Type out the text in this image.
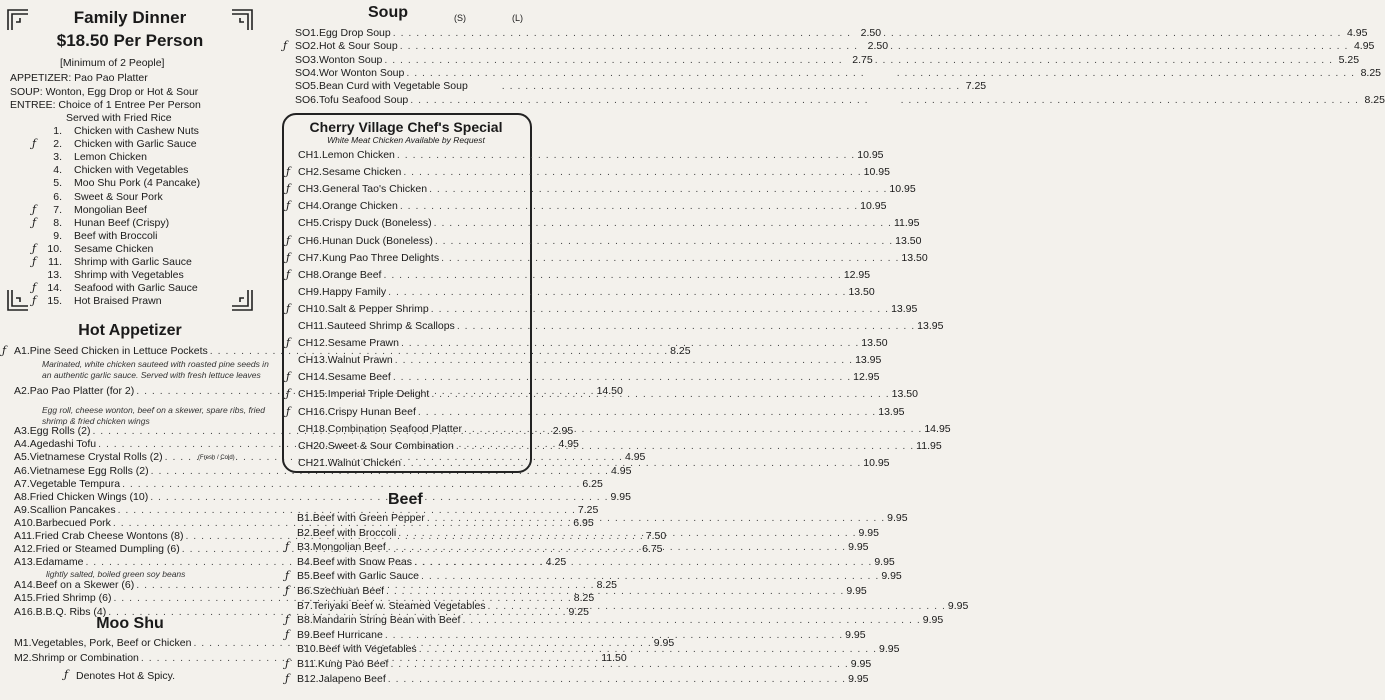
Family Dinner
$18.50 Per Person
[Minimum of 2 People]
APPETIZER: Pao Pao Platter
SOUP: Wonton, Egg Drop or Hot & Sour
ENTREE: Choice of 1 Entree Per Person
Served with Fried Rice
1. Chicken with Cashew Nuts
ƒ	2. Chicken with Garlic Sauce
3. Lemon Chicken
4. Chicken with Vegetables
5. Moo Shu Pork (4 Pancake)
6. Sweet & Sour Pork
ƒ	7. Mongolian Beef
ƒ	8. Hunan Beef (Crispy)
9. Beef with Broccoli
ƒ 10. Sesame Chicken
ƒ 11. Shrimp with Garlic Sauce
13. Shrimp with Vegetables
ƒ 14. Seafood with Garlic Sauce
ƒ 15. Hot Braised Prawn
Hot Appetizer
ƒ A1. Pine Seed Chicken in Lettuce Pockets . . .	8.25
A2. Pao Pao Platter (for 2) . . .	14.50
A3. Egg Rolls (2) . . .	2.95
A4. Agedashi Tofu . . .	4.95
A5. Vietnamese Crystal Rolls (2) . . .	4.95
A6. Vietnamese Egg Rolls (2) . . .	4.95
A7. Vegetable Tempura . . .	6.25
A8. Fried Chicken Wings (10) . . .	9.95
A9. Scallion Pancakes . . .	7.25
A10. Barbecued Pork . . .	6.95
A11. Fried Crab Cheese Wontons (8) . . .	7.50
A12. Fried or Steamed Dumpling (6) . . .	6.75
A13. Edamame . . .	4.25
A14. Beef on a Skewer (6) . . .	8.25
A15. Fried Shrimp (6) . . .	8.25
A16. B.B.Q. Ribs (4) . . .	9.25
Marinated, white chicken sauteed with roasted pine seeds in an authentic garlic sauce. Served with fresh lettuce leaves
Egg roll, cheese wonton, beef on a skewer, spare ribs, fried shrimp & fried chicken wings
(Fresh / Cold)
lightly salted, boiled green soy beans
Moo Shu
M1. Vegetables, Pork, Beef or Chicken . . .	9.95
M2. Shrimp or Combination . . .	11.50
ƒ Denotes Hot & Spicy.
Soup	(S)	(L)
SO1. Egg Drop Soup . . .	2.50 . . .	4.95
ƒ SO2. Hot & Sour Soup . . .	2.50 . . .	4.95
SO3. Wonton Soup . . .	2.75 . . .	5.25
SO4. Wor Wonton Soup . . . . . .	8.25
SO5. Bean Curd with Vegetable Soup . . .	7.25
SO6. Tofu Seafood Soup . . . . . .	8.25
Cherry Village Chef's Special
White Meat Chicken Available by Request
CH1. Lemon Chicken . . .	10.95
ƒ CH2. Sesame Chicken . . .	10.95
ƒ CH3. General Tao's Chicken . . .	10.95
ƒ CH4. Orange Chicken . . .	10.95
CH5. Crispy Duck (Boneless) . . .	11.95
ƒ CH6. Hunan Duck (Boneless) . . .	13.50
ƒ CH7. Kung Pao Three Delights . . .	13.50
ƒ CH8. Orange Beef . . .	12.95
CH9. Happy Family . . .	13.50
ƒ CH10. Salt & Pepper Shrimp . . .	13.95
CH11. Sauteed Shrimp & Scallops . . .	13.95
ƒ CH12. Sesame Prawn . . .	13.50
CH13. Walnut Prawn . . .	13.95
ƒ CH14. Sesame Beef . . .	12.95
ƒ CH15. Imperial Triple Delight . . .	13.50
ƒ CH16. Crispy Hunan Beef . . .	13.95
CH18. Combination Seafood Platter . . .	14.95
CH20. Sweet & Sour Combination . . .	11.95
CH21. Walnut Chicken . . .	10.95
Beef
B1. Beef with Green Pepper . . .	9.95
B2. Beef with Broccoli . . .	9.95
ƒ B3. Mongolian Beef . . .	9.95
B4. Beef with Snow Peas . . .	9.95
ƒ B5. Beef with Garlic Sauce . . .	9.95
ƒ B6. Szechuan Beef . . .	9.95
B7. Teriyaki Beef w. Steamed Vegetables . . .	9.95
ƒ B8. Mandarin String Bean with Beef . . .	9.95
ƒ B9. Beef Hurricane . . .	9.95
B10. Beef with Vegetables . . .	9.95
ƒ B11. Kung Pao Beef . . .	9.95
ƒ B12. Jalapeno Beef . . .	9.95
